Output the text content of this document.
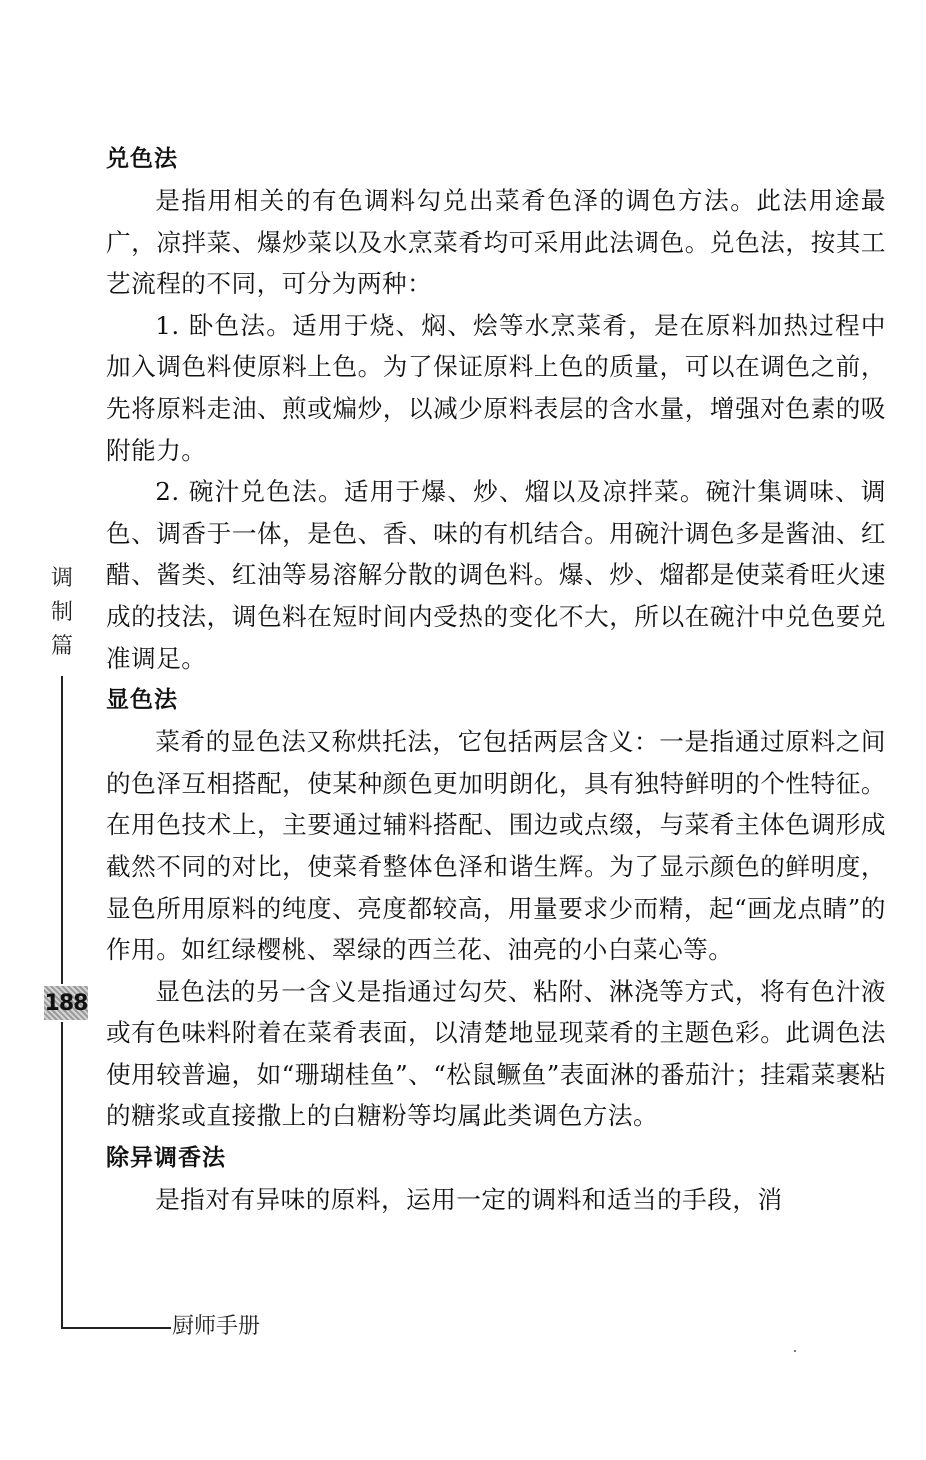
兑色法

是指用相关的有色调料勾兑出菜肴色泽的调色方法。此法用途最广，凉拌菜、爆炒菜以及水烹菜肴均可采用此法调色。兑色法，按其工艺流程的不同，可分为两种：

1. 卧色法。适用于烧、焖、烩等水烹菜肴，是在原料加热过程中加入调色料使原料上色。为了保证原料上色的质量，可以在调色之前，先将原料走油、煎或煸炒，以减少原料表层的含水量，增强对色素的吸附能力。

2. 碗汁兑色法。适用于爆、炒、熘以及凉拌菜。碗汁集调味、调色、调香于一体，是色、香、味的有机结合。用碗汁调色多是酱油、红醋、酱类、红油等易溶解分散的调色料。爆、炒、熘都是使菜肴旺火速成的技法，调色料在短时间内受热的变化不大，所以在碗汁中兑色要兑准调足。

显色法

菜肴的显色法又称烘托法，它包括两层含义：一是指通过原料之间的色泽互相搭配，使某种颜色更加明朗化，具有独特鲜明的个性特征。在用色技术上，主要通过辅料搭配、围边或点缀，与菜肴主体色调形成截然不同的对比，使菜肴整体色泽和谐生辉。为了显示颜色的鲜明度，显色所用原料的纯度、亮度都较高，用量要求少而精，起“画龙点睛”的作用。如红绿樱桃、翠绿的西兰花、油亮的小白菜心等。

显色法的另一含义是指通过勾芡、粘附、淋浇等方式，将有色汁液或有色味料附着在菜肴表面，以清楚地显现菜肴的主题色彩。此调色法使用较普遍，如“珊瑚桂鱼”、“松鼠鳜鱼”表面淋的番茄汁；挂霜菜裹粘的糖浆或直接撒上的白糖粉等均属此类调色方法。

除异调香法

是指对有异味的原料，运用一定的调料和适当的手段，消

调
制
篇
188
厨师手册
